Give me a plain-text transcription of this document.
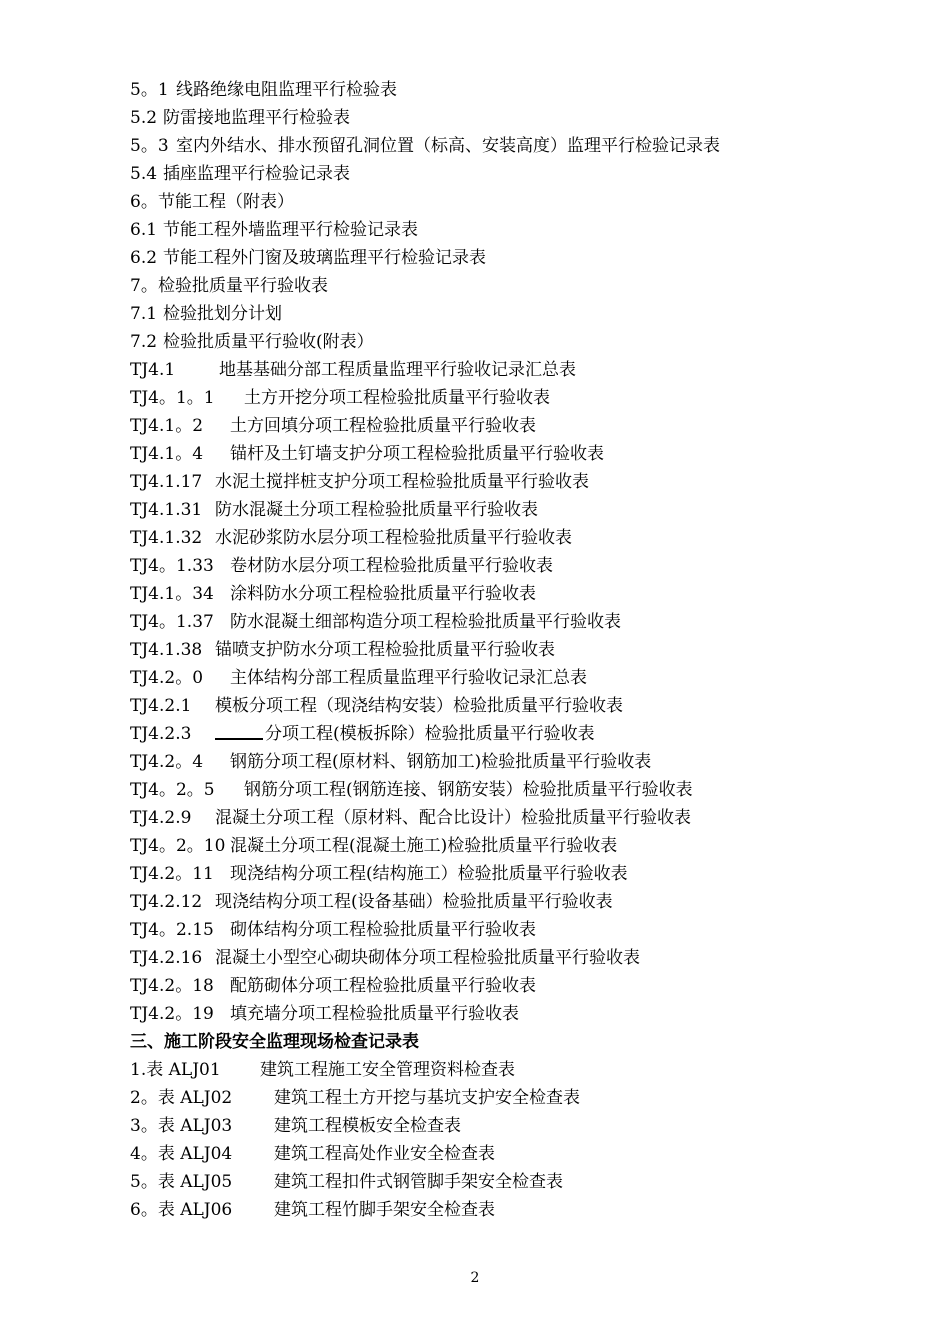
5。1 线路绝缘电阻监理平行检验表
5.2 防雷接地监理平行检验表
5。3 室内外结水、排水预留孔洞位置（标高、安装高度）监理平行检验记录表
5.4 插座监理平行检验记录表
6。 节能工程（附表）
6.1 节能工程外墙监理平行检验记录表
6.2 节能工程外门窗及玻璃监理平行检验记录表
7。 检验批质量平行验收表
7.1 检验批划分计划
7.2 检验批质量平行验收(附表）
TJ4.1	地基基础分部工程质量监理平行验收记录汇总表
TJ4。1。1	土方开挖分项工程检验批质量平行验收表
TJ4.1。2	土方回填分项工程检验批质量平行验收表
TJ4.1。4	锚杆及土钉墙支护分项工程检验批质量平行验收表
TJ4.1.17 水泥土搅拌桩支护分项工程检验批质量平行验收表
TJ4.1.31 防水混凝土分项工程检验批质量平行验收表
TJ4.1.32 水泥砂浆防水层分项工程检验批质量平行验收表
TJ4。1.33 卷材防水层分项工程检验批质量平行验收表
TJ4.1。34 涂料防水分项工程检验批质量平行验收表
TJ4。1.37 防水混凝土细部构造分项工程检验批质量平行验收表
TJ4.1.38 锚喷支护防水分项工程检验批质量平行验收表
TJ4.2。0	主体结构分部工程质量监理平行验收记录汇总表
TJ4.2.1	模板分项工程（现浇结构安装）检验批质量平行验收表
TJ4.2.3	分项工程(模板拆除）检验批质量平行验收表
TJ4.2。4	钢筋分项工程(原材料、钢筋加工)检验批质量平行验收表
TJ4。2。5	钢筋分项工程(钢筋连接、钢筋安装）检验批质量平行验收表
TJ4.2.9	混凝土分项工程（原材料、配合比设计）检验批质量平行验收表
TJ4。2。10 混凝土分项工程(混凝土施工)检验批质量平行验收表
TJ4.2。11 现浇结构分项工程(结构施工）检验批质量平行验收表
TJ4.2.12 现浇结构分项工程(设备基础）检验批质量平行验收表
TJ4。2.15 砌体结构分项工程检验批质量平行验收表
TJ4.2.16 混凝土小型空心砌块砌体分项工程检验批质量平行验收表
TJ4.2。18 配筋砌体分项工程检验批质量平行验收表
TJ4.2。19 填充墙分项工程检验批质量平行验收表
三、 施工阶段安全监理现场检查记录表
1.表 ALJ01	建筑工程施工安全管理资料检查表
2。表 ALJ02	建筑工程土方开挖与基坑支护安全检查表
3。表 ALJ03	建筑工程模板安全检查表
4。表 ALJ04	建筑工程高处作业安全检查表
5。表 ALJ05	建筑工程扣件式钢管脚手架安全检查表
6。表 ALJ06	建筑工程竹脚手架安全检查表
2
